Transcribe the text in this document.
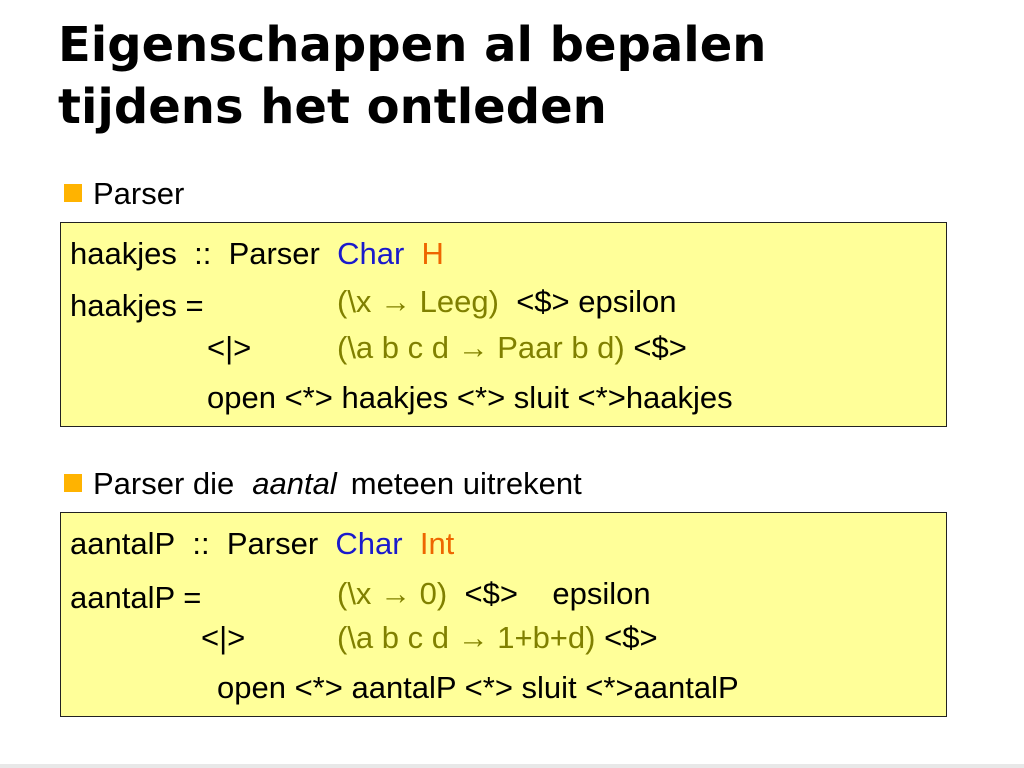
Eigenschappen al bepalen
tijdens het ontleden
Parser
haakjes :: Parser Char H
haakjes =	(\x → Leeg) <$> epsilon
<|>	(\a b c d → Paar b d) <$>
open <*> haakjes <*> sluit <*>haakjes
Parser die aantal meteen uitrekent
aantalP :: Parser Char Int
aantalP =	(\x → 0) <$> epsilon
<|>	(\a b c d → 1+b+d) <$>
open <*> aantalP <*> sluit <*>aantalP
